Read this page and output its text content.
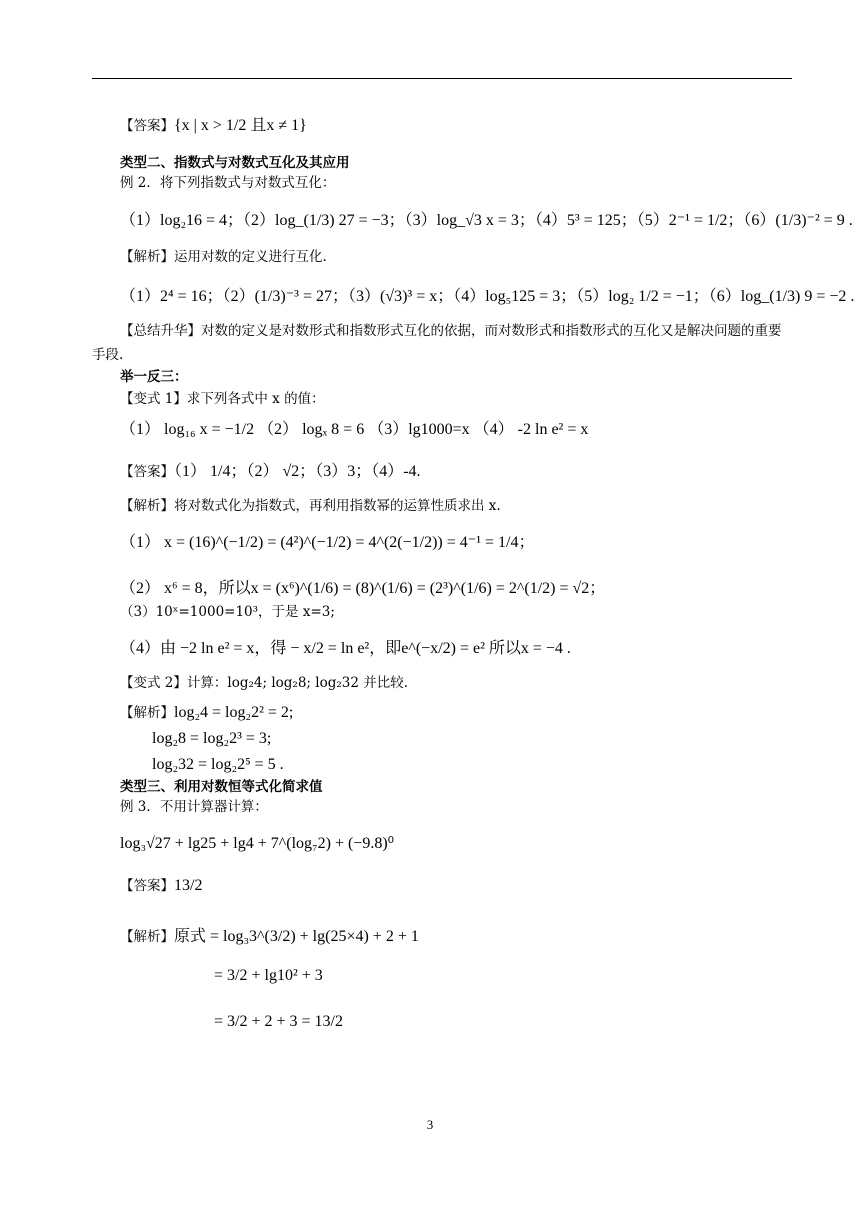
【答案】{x | x > 1/2 且x ≠ 1}
类型二、指数式与对数式互化及其应用
例 2．将下列指数式与对数式互化：
（1）log₂16 = 4；（2）log_(1/3) 27 = −3；（3）log_√3 x = 3；（4）5³ = 125；（5）2⁻¹ = 1/2；（6）(1/3)⁻² = 9 .
【解析】运用对数的定义进行互化.
（1）2⁴ = 16；（2）(1/3)⁻³ = 27；（3）(√3)³ = x；（4）log₅125 = 3；（5）log₂ 1/2 = −1；（6）log_(1/3) 9 = −2 .
【总结升华】对数的定义是对数形式和指数形式互化的依据，而对数形式和指数形式的互化又是解决问题的重要手段.
举一反三：
【变式 1】求下列各式中 x 的值：
（1） log₁₆ x = −1/2 （2） logₓ 8 = 6 （3）lg1000=x （4） -2 ln e² = x
【答案】（1） 1/4；（2） √2；（3）3；（4）-4.
【解析】将对数式化为指数式，再利用指数幂的运算性质求出 x.
（1） x = (16)^(−1/2) = (4²)^(−1/2) = 4^(2(−1/2)) = 4⁻¹ = 1/4；
（2） x⁶ = 8，所以x = (x⁶)^(1/6) = (8)^(1/6) = (2³)^(1/6) = 2^(1/2) = √2；
（3）10ˣ=1000=10³，于是 x=3;
（4）由 −2 ln e² = x，得 − x/2 = ln e²，即e^(−x/2) = e² 所以x = −4 .
【变式 2】计算：log₂4; log₂8; log₂32 并比较.
【解析】log₂4 = log₂2² = 2;
log₂8 = log₂2³ = 3;
log₂32 = log₂2⁵ = 5 .
类型三、利用对数恒等式化简求值
例 3．不用计算器计算：
log₃√27 + lg25 + lg4 + 7^(log₇2) + (−9.8)⁰
【答案】13/2
【解析】原式 = log₃3^(3/2) + lg(25×4) + 2 + 1
= 3/2 + lg10² + 3
= 3/2 + 2 + 3 = 13/2
3
